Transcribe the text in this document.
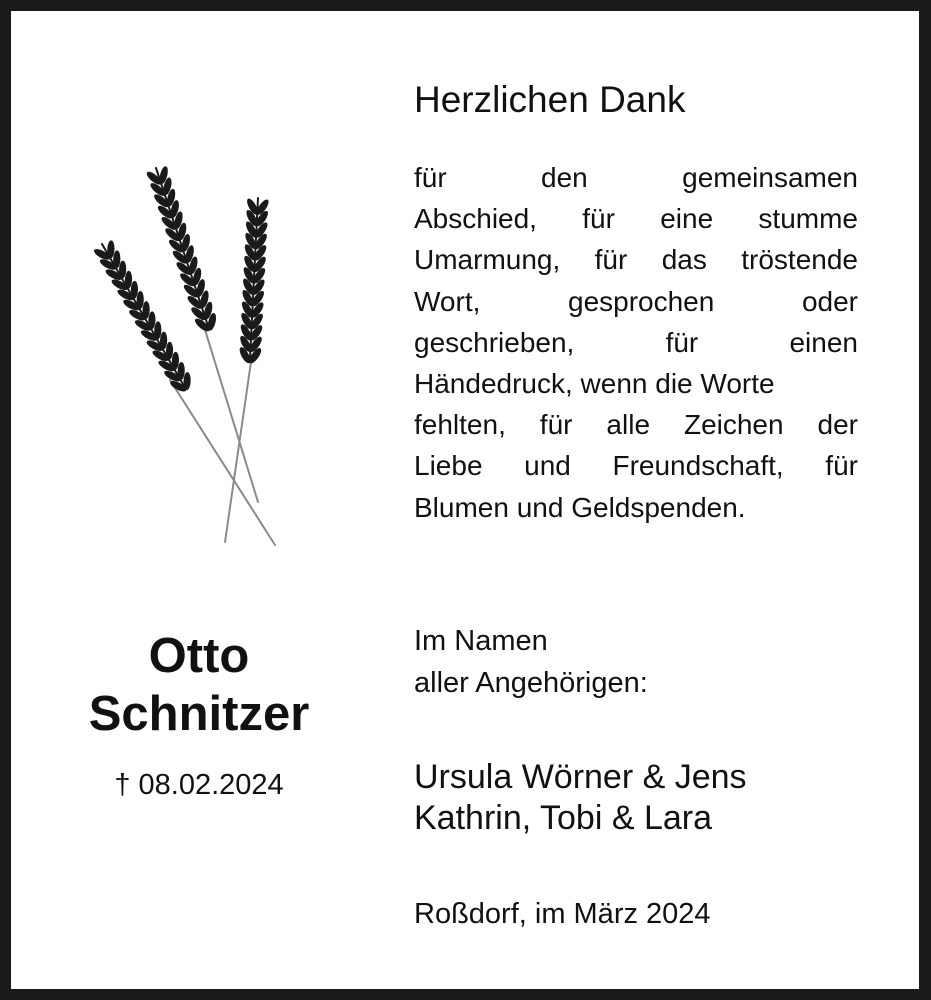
Otto
Schnitzer
† 08.02.2024
Herzlichen Dank
für den gemeinsamen
Abschied, für eine stumme
Umarmung, für das tröstende
Wort, gesprochen oder
geschrieben, für einen
Händedruck, wenn die Worte
fehlten, für alle Zeichen der
Liebe und Freundschaft, für
Blumen und Geldspenden.
Im Namen
aller Angehörigen:
Ursula Wörner & Jens
Kathrin, Tobi & Lara
Roßdorf, im März 2024
